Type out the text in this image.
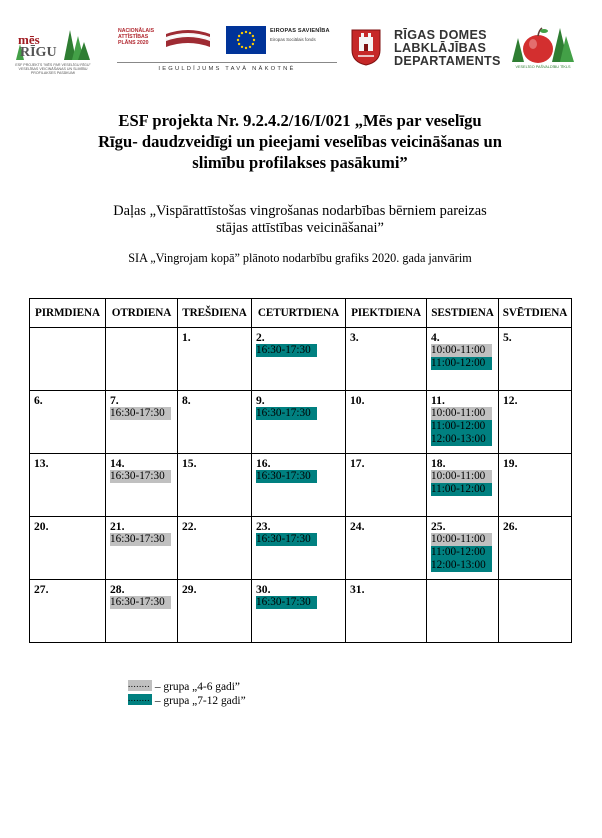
mēs
RĪGU
ESF PROJEKTS "MĒS PAR VESELĪGU RĪGU" VESELĪBAS VEICINĀŠANAS UN SLIMĪBU PROFILAKSES PASĀKUMI
NACIONĀLAIS ATTĪSTĪBAS PLĀNS 2020
EIROPAS SAVIENĪBA
Eiropas Sociālais fonds
IEGULDĪJUMS TAVĀ NĀKOTNĒ
RĪGAS DOMES
LABKLĀJĪBAS
DEPARTAMENTS	VESELĪGO PAŠVALDĪBU TĪKLS
ESF projekta Nr. 9.2.4.2/16/I/021 „Mēs par veselīgu
Rīgu- daudzveidīgi un pieejami veselības veicināšanas un
slimību profilakses pasākumi”
Daļas „Vispārattīstošas vingrošanas nodarbības bērniem pareizas
stājas attīstības veicināšanai”
SIA „Vingrojam kopā” plānoto nodarbību grafiks 2020. gada janvārim
PIRMDIENA	OTRDIENA	TREŠDIENA	CETURTDIENA	PIEKTDIENA	SESTDIENA	SVĒTDIENA

		1.	2.
16:30-17:30	3.	4.
10:00-11:00
11:00-12:00	5.

6.	7.
16:30-17:30	8.	9.
16:30-17:30	10.	11.
10:00-11:00
11:00-12:00
12:00-13:00	12.

13.	14.
16:30-17:30	15.	16.
16:30-17:30	17.	18.
10:00-11:00
11:00-12:00	19.

20.	21.
16:30-17:30	22.	23.
16:30-17:30	24.	25.
10:00-11:00
11:00-12:00
12:00-13:00	26.

27.	28.
16:30-17:30	29.	30.
16:30-17:30	31.		

........ – grupa „4-6 gadi”
........ – grupa „7-12 gadi”
